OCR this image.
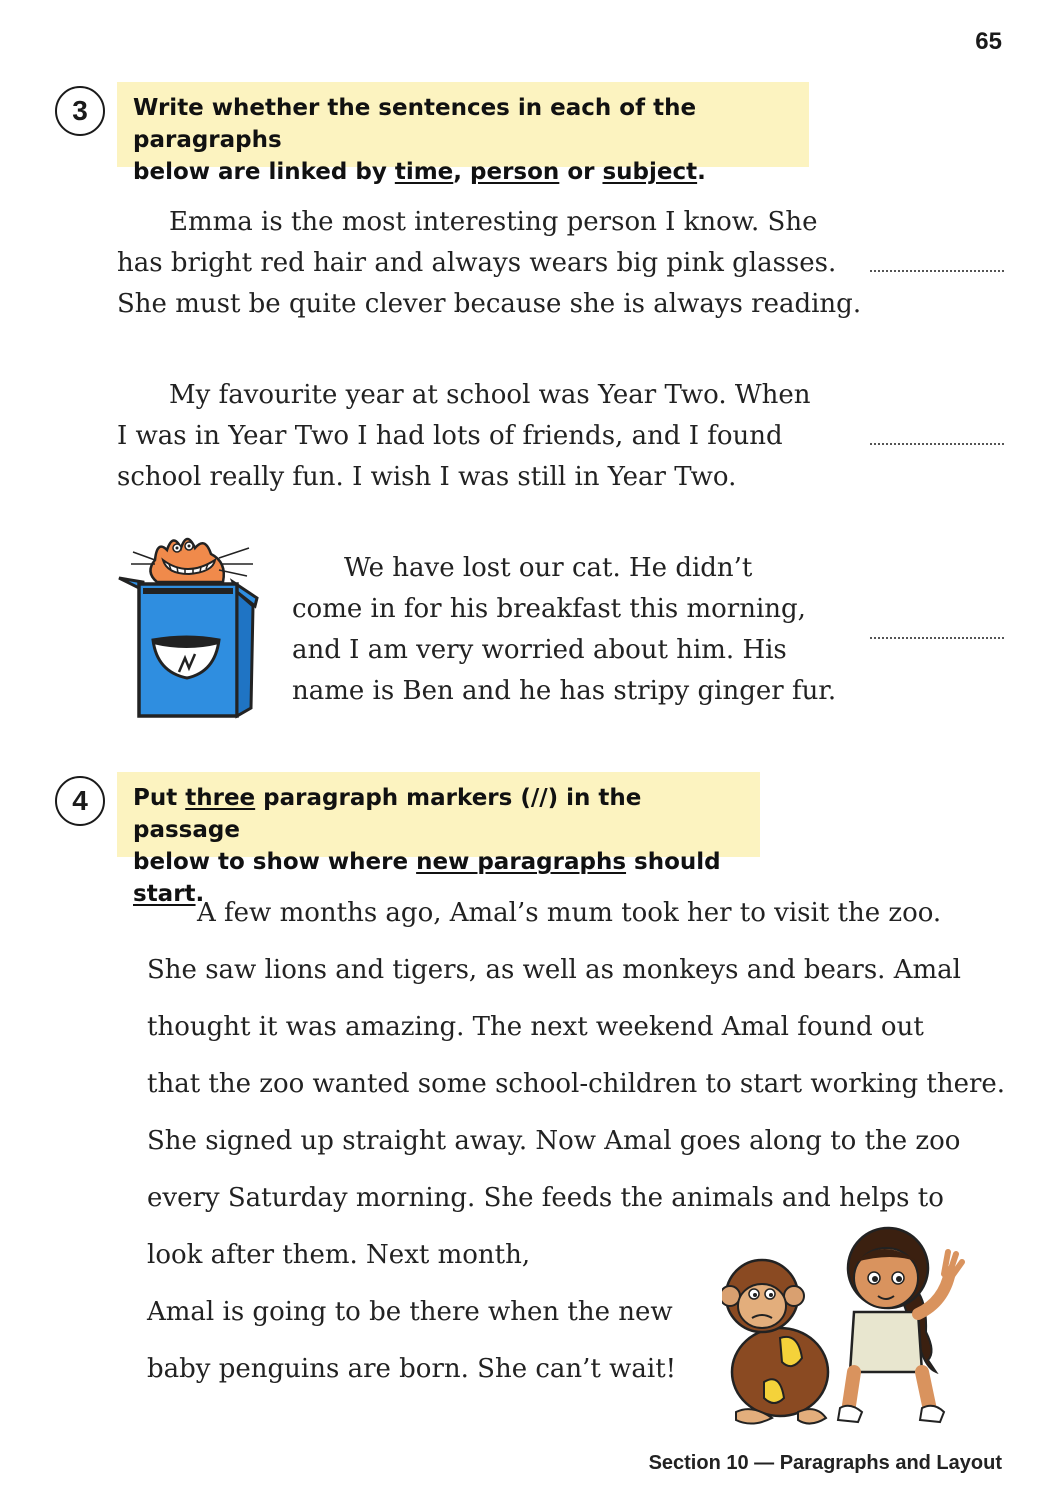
65
3	Write whether the sentences in each of the paragraphs
below are linked by time, person or subject.

Emma is the most interesting person I know. She
has bright red hair and always wears big pink glasses.
She must be quite clever because she is always reading.

My favourite year at school was Year Two. When
I was in Year Two I had lots of friends, and I found
school really fun. I wish I was still in Year Two.

We have lost our cat. He didn’t
come in for his breakfast this morning,
and I am very worried about him. His
name is Ben and he has stripy ginger fur.

4	Put three paragraph markers (//) in the passage
below to show where new paragraphs should start.
A few months ago, Amal’s mum took her to visit the zoo.
She saw lions and tigers, as well as monkeys and bears. Amal
thought it was amazing. The next weekend Amal found out
that the zoo wanted some school-children to start working there.
She signed up straight away. Now Amal goes along to the zoo
every Saturday morning. She feeds the animals and helps to
look after them. Next month,
Amal is going to be there when the new
baby penguins are born. She can’t wait!
Section 10 — Paragraphs and Layout
